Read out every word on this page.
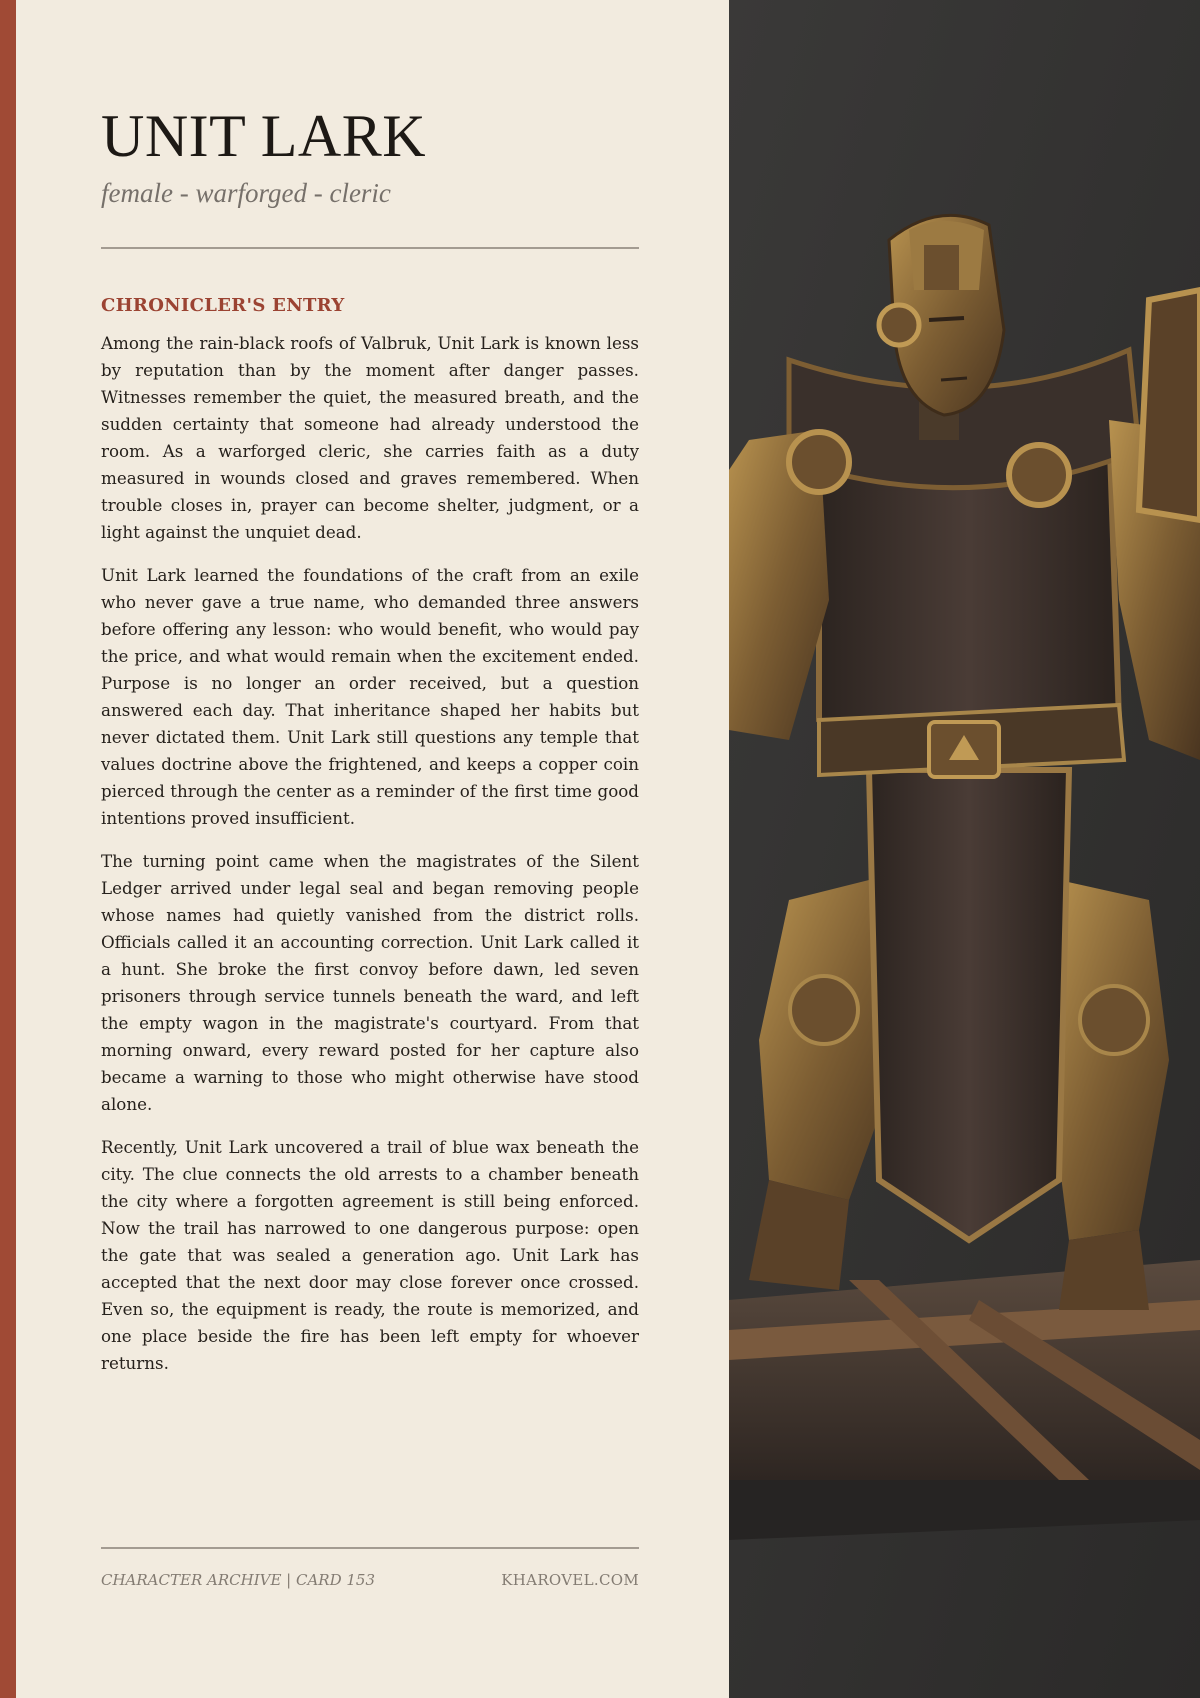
UNIT LARK
female - warforged - cleric
CHRONICLER'S ENTRY

Among the rain-black roofs of Valbruk, Unit Lark is known less by reputation than by the moment after danger passes. Witnesses remember the quiet, the measured breath, and the sudden certainty that someone had already understood the room. As a warforged cleric, she carries faith as a duty measured in wounds closed and graves remembered. When trouble closes in, prayer can become shelter, judgment, or a light against the unquiet dead.

Unit Lark learned the foundations of the craft from an exile who never gave a true name, who demanded three answers before offering any lesson: who would benefit, who would pay the price, and what would remain when the excitement ended. Purpose is no longer an order received, but a question answered each day. That inheritance shaped her habits but never dictated them. Unit Lark still questions any temple that values doctrine above the frightened, and keeps a copper coin pierced through the center as a reminder of the first time good intentions proved insufficient.

The turning point came when the magistrates of the Silent Ledger arrived under legal seal and began removing people whose names had quietly vanished from the district rolls. Officials called it an accounting correction. Unit Lark called it a hunt. She broke the first convoy before dawn, led seven prisoners through service tunnels beneath the ward, and left the empty wagon in the magistrate's courtyard. From that morning onward, every reward posted for her capture also became a warning to those who might otherwise have stood alone.

Recently, Unit Lark uncovered a trail of blue wax beneath the city. The clue connects the old arrests to a chamber beneath the city where a forgotten agreement is still being enforced. Now the trail has narrowed to one dangerous purpose: open the gate that was sealed a generation ago. Unit Lark has accepted that the next door may close forever once crossed. Even so, the equipment is ready, the route is memorized, and one place beside the fire has been left empty for whoever returns.

CHARACTER ARCHIVE | CARD 153	KHAROVEL.COM
